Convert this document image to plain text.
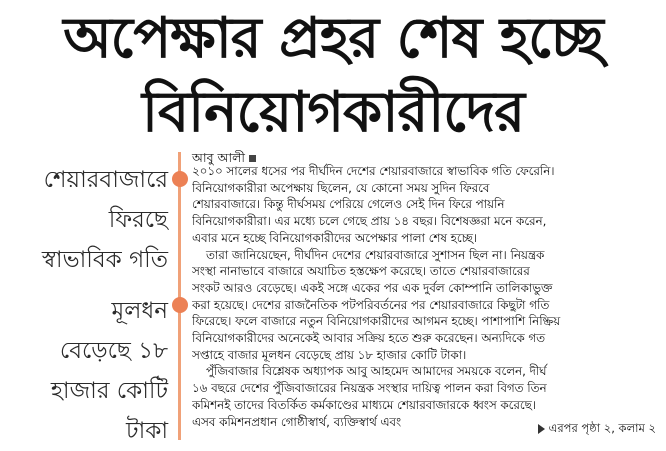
অপেক্ষার প্রহর শেষ হচ্ছে
বিনিয়োগকারীদের
শেয়ারবাজারে
ফিরছে
স্বাভাবিক গতি
মূলধন
বেড়েছে ১৮
হাজার কোটি
টাকা
আবু আলী
২০১০ সালের ধসের পর দীর্ঘদিন দেশের শেয়ারবাজারে স্বাভাবিক গতি ফেরেনি।
বিনিয়োগকারীরা অপেক্ষায় ছিলেন, যে কোনো সময় সুদিন ফিরবে
শেয়ারবাজারে। কিন্তু দীর্ঘসময় পেরিয়ে গেলেও সেই দিন ফিরে পায়নি
বিনিয়োগকারীরা। এর মধ্যে চলে গেছে প্রায় ১৪ বছর। বিশেষজ্ঞরা মনে করেন,
এবার মনে হচ্ছে বিনিয়োগকারীদের অপেক্ষার পালা শেষ হচ্ছে।
তারা জানিয়েছেন, দীর্ঘদিন দেশের শেয়ারবাজারে সুশাসন ছিল না। নিয়ন্ত্রক
সংস্থা নানাভাবে বাজারে অযাচিত হস্তক্ষেপ করেছে। তাতে শেয়ারবাজারের
সংকট আরও বেড়েছে। একই সঙ্গে একের পর এক দুর্বল কোম্পানি তালিকাভুক্ত
করা হয়েছে। দেশের রাজনৈতিক পটপরিবর্তনের পর শেয়ারবাজারে কিছুটা গতি
ফিরেছে। ফলে বাজারে নতুন বিনিয়োগকারীদের আগমন হচ্ছে। পাশাপাশি নিষ্ক্রিয়
বিনিয়োগকারীদের অনেকেই আবার সক্রিয় হতে শুরু করেছেন। অন্যদিকে গত
সপ্তাহে বাজার মূলধন বেড়েছে প্রায় ১৮ হাজার কোটি টাকা।
পুঁজিবাজার বিশ্লেষক অধ্যাপক আবু আহমেদ আমাদের সময়কে বলেন, দীর্ঘ
১৬ বছরে দেশের পুঁজিবাজারের নিয়ন্ত্রক সংস্থার দায়িত্ব পালন করা বিগত তিন
কমিশনই তাদের বিতর্কিত কর্মকাণ্ডের মাধ্যমে শেয়ারবাজারকে ধ্বংস করেছে।
এসব কমিশনপ্রধান গোষ্ঠীস্বার্থ, ব্যক্তিস্বার্থ এবং	এরপর পৃষ্ঠা ২, কলাম ২
